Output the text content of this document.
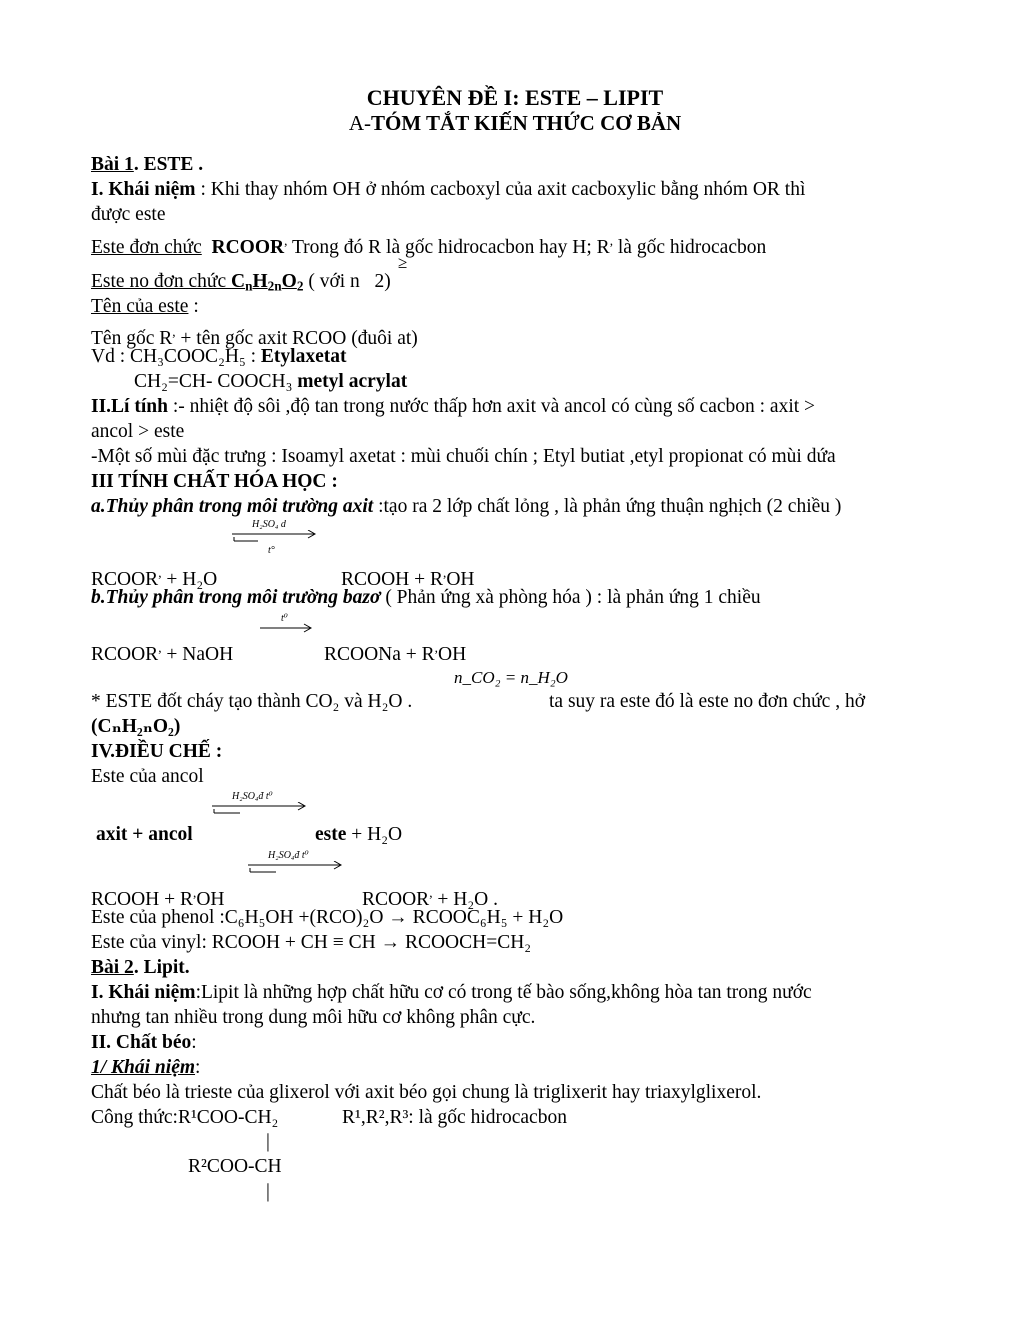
CHUYÊN ĐỀ I: ESTE – LIPIT
A-TÓM TẮT KIẾN THỨC CƠ BẢN
Bài 1. ESTE .
I. Khái niệm : Khi thay nhóm OH ở nhóm cacboxyl của axit cacboxylic bằng nhóm OR thì
được este
Este đơn chức RCOOR, Trong đó R là gốc hidrocacbon hay H; R, là gốc hidrocacbon
≥
Este no đơn chức $C_nH_{2n}O_2$ ( với n   2)
Tên của este :
Tên gốc R, + tên gốc axit RCOO (đuôi at)
Vd : CH₃COOC₂H₅ : Etylaxetat
CH₂=CH- COOCH₃ metyl acrylat
II.Lí tính :- nhiệt độ sôi ,độ tan trong nước thấp hơn axit và ancol có cùng số cacbon : axit >
ancol > este
-Một số mùi đặc trưng : Isoamyl axetat : mùi chuối chín ; Etyl butiat ,etyl propionat có mùi dứa
III TÍNH CHẤT HÓA HỌC :
a.Thủy phân trong môi trường axit :tạo ra 2 lớp chất lỏng , là phản ứng thuận nghịch (2 chiều )
H₂SO₄ d
t°
RCOOR, + H₂O	RCOOH + R,OH
b.Thủy phân trong môi trường bazơ ( Phản ứng xà phòng hóa ) : là phản ứng 1 chiều
t⁰
RCOOR, + NaOH	RCOONa + R,OH
n_CO₂ = n_H₂O
* ESTE đốt cháy tạo thành CO₂ và H₂O .	ta suy ra este đó là este no đơn chức , hở
(CₙH₂ₙO₂)
IV.ĐIỀU CHẾ :
Este của ancol
H₂SO₄đ t⁰
axit + ancol	este + H₂O
H₂SO₄đ t⁰
RCOOH + R,OH	RCOOR, + H₂O .
Este của phenol :C₆H₅OH +(RCO)₂O → RCOOC₆H₅ + H₂O
Este của vinyl: RCOOH + CH ≡ CH → RCOOCH=CH₂
Bài 2. Lipit.
I. Khái niệm:Lipit là những hợp chất hữu cơ có trong tế bào sống,không hòa tan trong nước
nhưng tan nhiều trong dung môi hữu cơ không phân cực.
II. Chất béo:
1/ Khái niệm:
Chất béo là trieste của glixerol với axit béo gọi chung là triglixerit hay triaxylglixerol.
Công thức:R¹COO-CH₂	R¹,R²,R³: là gốc hidrocacbon
|
R²COO-CH
|
